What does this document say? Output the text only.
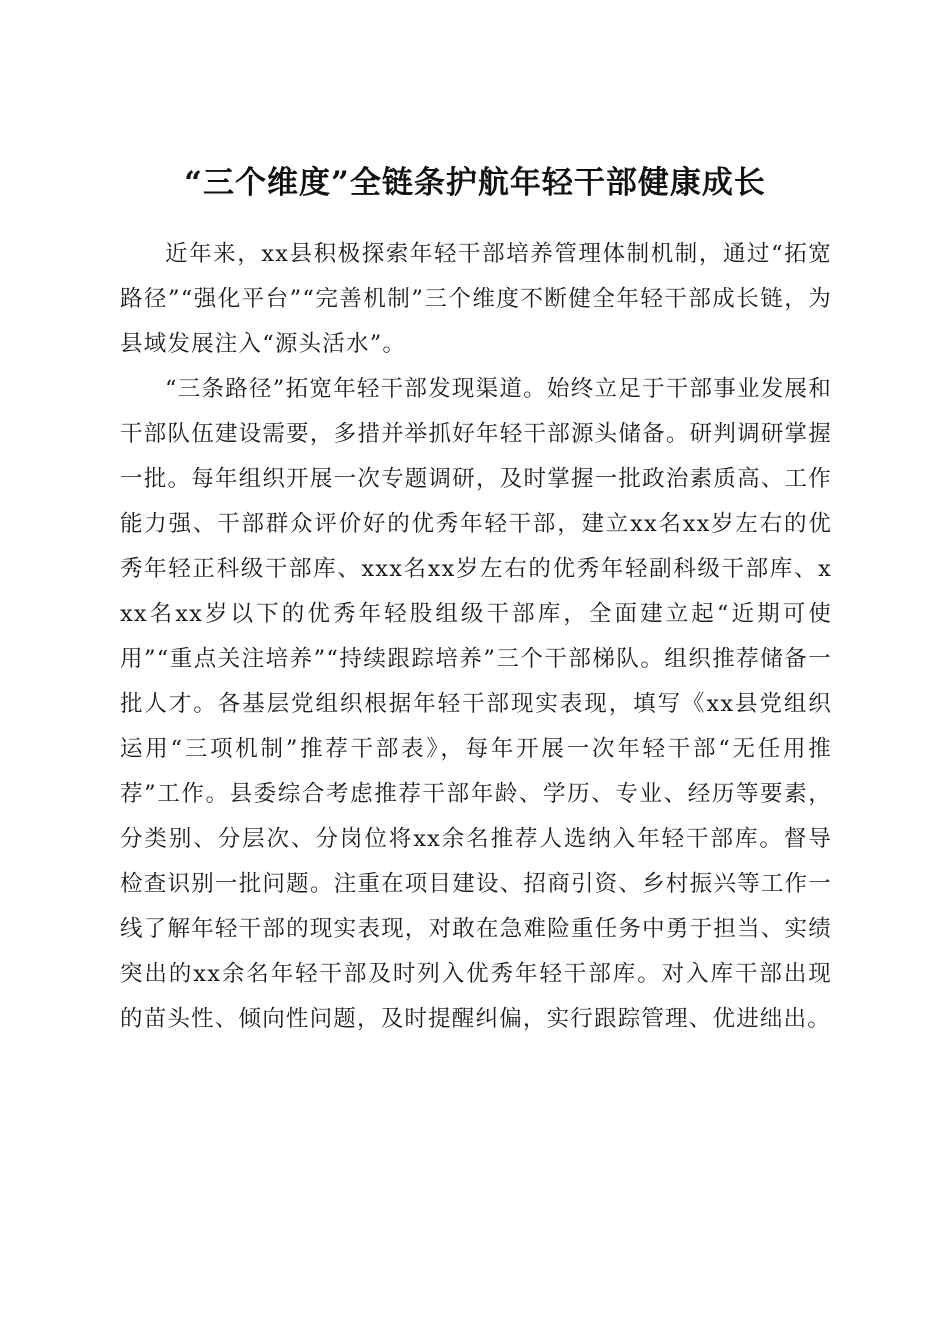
“三个维度”全链条护航年轻干部健康成长

近年来，xx县积极探索年轻干部培养管理体制机制，通过“拓宽路径”“强化平台”“完善机制”三个维度不断健全年轻干部成长链，为县域发展注入“源头活水”。

“三条路径”拓宽年轻干部发现渠道。始终立足于干部事业发展和干部队伍建设需要，多措并举抓好年轻干部源头储备。研判调研掌握一批。每年组织开展一次专题调研，及时掌握一批政治素质高、工作能力强、干部群众评价好的优秀年轻干部，建立xx名xx岁左右的优秀年轻正科级干部库、xxx名xx岁左右的优秀年轻副科级干部库、xxx名xx岁以下的优秀年轻股组级干部库，全面建立起“近期可使用”“重点关注培养”“持续跟踪培养”三个干部梯队。组织推荐储备一批人才。各基层党组织根据年轻干部现实表现，填写《xx县党组织运用“三项机制”推荐干部表》，每年开展一次年轻干部“无任用推荐”工作。县委综合考虑推荐干部年龄、学历、专业、经历等要素，分类别、分层次、分岗位将xx余名推荐人选纳入年轻干部库。督导检查识别一批问题。注重在项目建设、招商引资、乡村振兴等工作一线了解年轻干部的现实表现，对敢在急难险重任务中勇于担当、实绩突出的xx余名年轻干部及时列入优秀年轻干部库。对入库干部出现的苗头性、倾向性问题，及时提醒纠偏，实行跟踪管理、优进绌出。
